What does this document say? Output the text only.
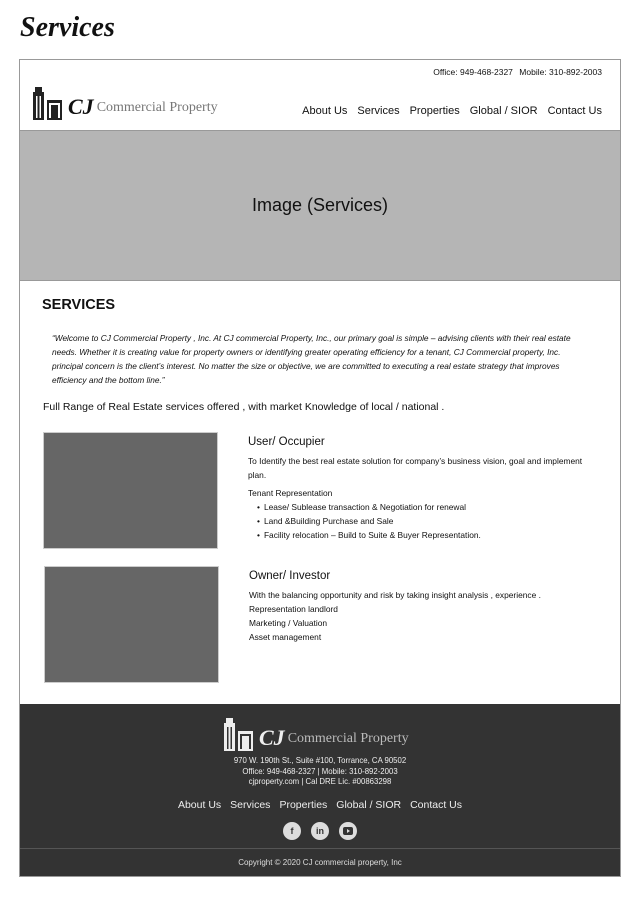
Services
Office: 949-468-2327 Mobile: 310-892-2003
CJ Commercial Property	About Us Services Properties Global / SIOR Contact Us
Image (Services)
SERVICES

“Welcome to CJ Commercial Property , Inc. At CJ commercial Property, Inc., our primary goal is simple – advising clients with their real estate needs. Whether it is creating value for property owners or identifying greater operating efficiency for a tenant, CJ Commercial property, Inc. principal concern is the client’s interest. No matter the size or objective, we are committed to executing a real estate strategy that improves efficiency and the bottom line.”

Full Range of Real Estate services offered , with market Knowledge of local / national .

User/ Occupier

To Identify the best real estate solution for company’s business vision, goal and implement plan.

Tenant Representation

• Lease/ Sublease transaction & Negotiation for renewal
• Land &Building Purchase and Sale
• Facility relocation – Build to Suite & Buyer Representation.
Owner/ Investor

With the balancing opportunity and risk by taking insight analysis , experience .

Representation landlord

Marketing / Valuation

Asset management

CJ Commercial Property
970 W. 190th St., Suite #100, Torrance, CA 90502
Office: 949-468-2327 | Mobile: 310-892-2003
cjproperty.com | Cal DRE Lic. #00863298
About Us Services Properties Global / SIOR Contact Us
f	in
Copyright © 2020 CJ commercial property, Inc
